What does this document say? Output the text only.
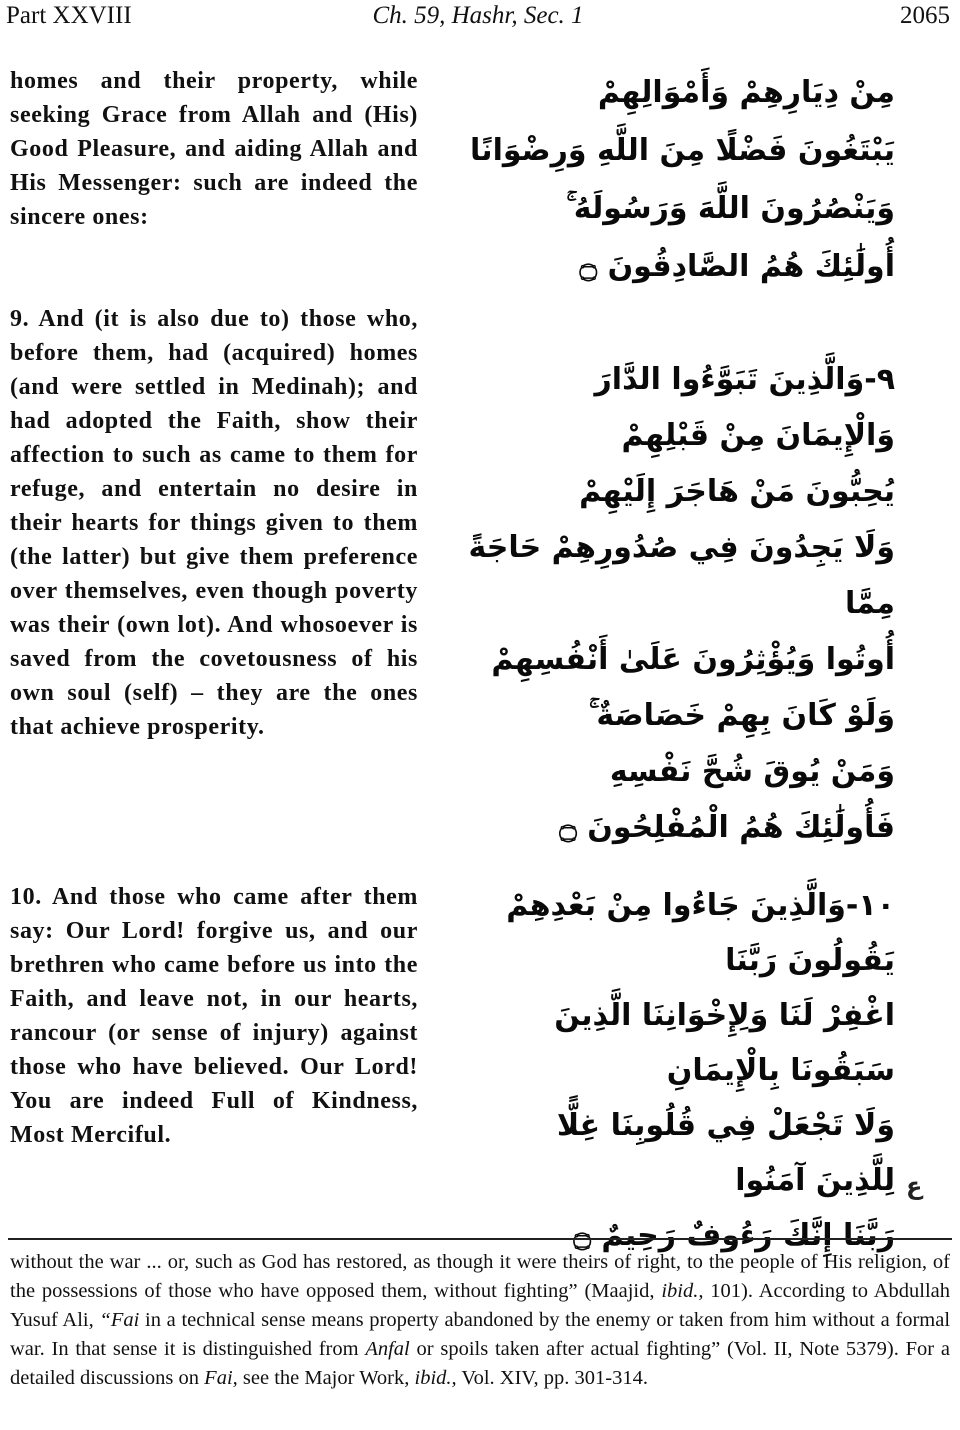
Part XXVIII	Ch. 59, Hashr, Sec. 1	2065
homes and their property, while seeking Grace from Allah and (His) Good Pleasure, and aiding Allah and His Messenger: such are indeed the sincere ones:
9. And (it is also due to) those who, before them, had (acquired) homes (and were settled in Medinah); and had adopted the Faith, show their affection to such as came to them for refuge, and entertain no desire in their hearts for things given to them (the latter) but give them preference over themselves, even though poverty was their (own lot). And whosoever is saved from the covetousness of his own soul (self) – they are the ones that achieve prosperity.
10. And those who came after them say: Our Lord! forgive us, and our brethren who came before us into the Faith, and leave not, in our hearts, rancour (or sense of injury) against those who have believed. Our Lord! You are indeed Full of Kindness, Most Merciful.
مِنْ دِيَارِهِمْ وَأَمْوَالِهِمْ
يَبْتَغُونَ فَضْلًا مِنَ اللَّهِ وَرِضْوَانًا
وَيَنْصُرُونَ اللَّهَ وَرَسُولَهُ ۚ
أُولَٰئِكَ هُمُ الصَّادِقُونَ ۝
٩-وَالَّذِينَ تَبَوَّءُوا الدَّارَ
وَالْإِيمَانَ مِنْ قَبْلِهِمْ
يُحِبُّونَ مَنْ هَاجَرَ إِلَيْهِمْ
وَلَا يَجِدُونَ فِي صُدُورِهِمْ حَاجَةً مِمَّا
أُوتُوا وَيُؤْثِرُونَ عَلَىٰ أَنْفُسِهِمْ
وَلَوْ كَانَ بِهِمْ خَصَاصَةٌ ۚ
وَمَنْ يُوقَ شُحَّ نَفْسِهِ
فَأُولَٰئِكَ هُمُ الْمُفْلِحُونَ ۝
١٠-وَالَّذِينَ جَاءُوا مِنْ بَعْدِهِمْ
يَقُولُونَ رَبَّنَا
اغْفِرْ لَنَا وَلِإِخْوَانِنَا الَّذِينَ سَبَقُونَا بِالْإِيمَانِ
وَلَا تَجْعَلْ فِي قُلُوبِنَا غِلًّا
لِلَّذِينَ آمَنُوا
رَبَّنَا إِنَّكَ رَءُوفٌ رَحِيمٌ ۝
ع
without the war ... or, such as God has restored, as though it were theirs of right, to the people of His religion, of the possessions of those who have opposed them, without fighting” (Maajid, ibid., 101). According to Abdullah Yusuf Ali, “Fai in a technical sense means property abandoned by the enemy or taken from him without a formal war. In that sense it is distinguished from Anfal or spoils taken after actual fighting” (Vol. II, Note 5379). For a detailed discussions on Fai, see the Major Work, ibid., Vol. XIV, pp. 301-314.
